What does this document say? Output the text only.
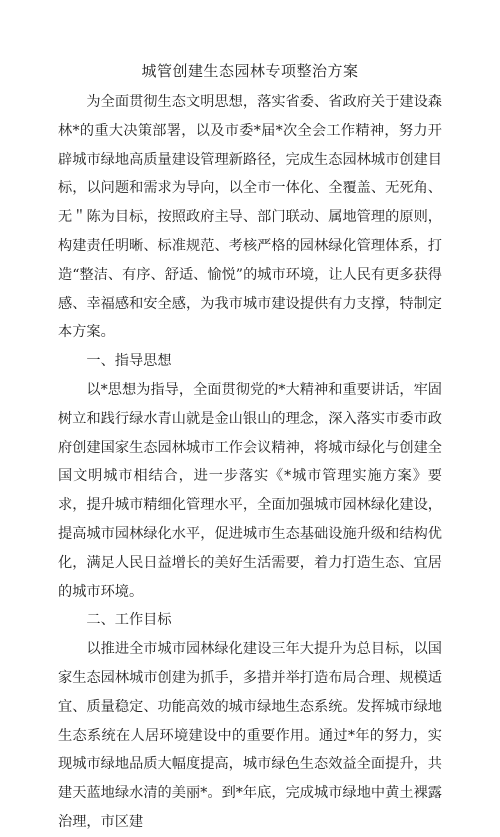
城管创建生态园林专项整治方案

为全面贯彻生态文明思想，落实省委、省政府关于建设森林*的重大决策部署，以及市委*届*次全会工作精神，努力开辟城市绿地高质量建设管理新路径，完成生态园林城市创建目标，以问题和需求为导向，以全市一体化、全覆盖、无死角、无＂陈为目标，按照政府主导、部门联动、属地管理的原则，构建责任明晰、标准规范、考核严格的园林绿化管理体系，打造“整洁、有序、舒适、愉悦”的城市环境，让人民有更多获得感、幸福感和安全感，为我市城市建设提供有力支撑，特制定本方案。

一、指导思想

以*思想为指导，全面贯彻党的*大精神和重要讲话，牢固树立和践行绿水青山就是金山银山的理念，深入落实市委市政府创建国家生态园林城市工作会议精神，将城市绿化与创建全国文明城市相结合，进一步落实《*城市管理实施方案》要求，提升城市精细化管理水平，全面加强城市园林绿化建设，提高城市园林绿化水平，促进城市生态基础设施升级和结构优化，满足人民日益增长的美好生活需要，着力打造生态、宜居的城市环境。

二、工作目标

以推进全市城市园林绿化建设三年大提升为总目标，以国家生态园林城市创建为抓手，多措并举打造布局合理、规模适宜、质量稳定、功能高效的城市绿地生态系统。发挥城市绿地生态系统在人居环境建设中的重要作用。通过*年的努力，实现城市绿地品质大幅度提高，城市绿色生态效益全面提升，共建天蓝地绿水清的美丽*。到*年底，完成城市绿地中黄土裸露治理，市区建
